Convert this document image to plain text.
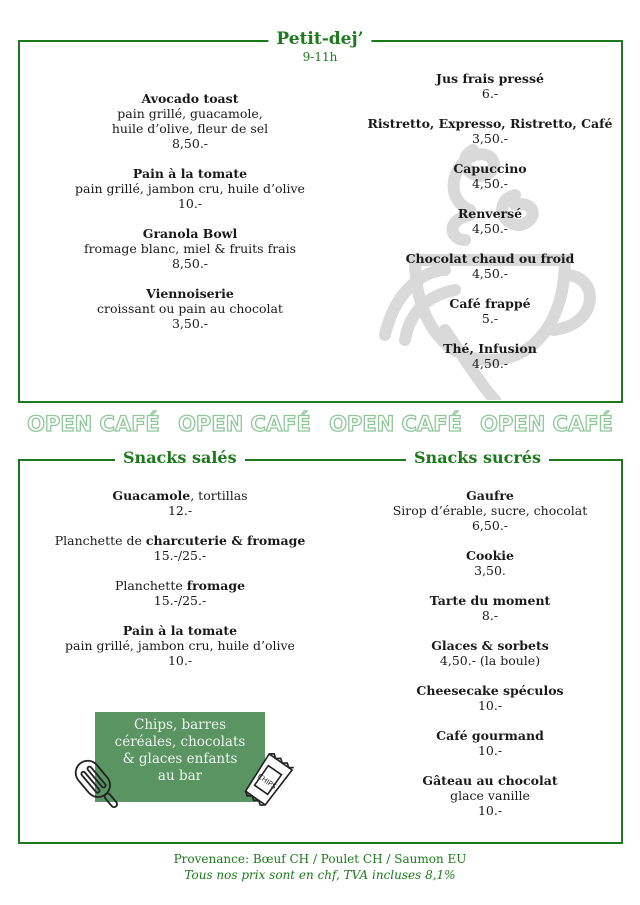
Petit-dej’
9-11h
Avocado toast
pain grillé, guacamole,
huile d’olive, fleur de sel
8,50.-
Pain à la tomate
pain grillé, jambon cru, huile d’olive
10.-
Granola Bowl
fromage blanc, miel & fruits frais
8,50.-
Viennoiserie
croissant ou pain au chocolat
3,50.-
Jus frais pressé
6.-
Ristretto, Expresso, Ristretto, Café
3,50.-
Capuccino
4,50.-
Renversé
4,50.-
Chocolat chaud ou froid
4,50.-
Café frappé
5.-
Thé, Infusion
4,50.-
OPEN CAFÉ OPEN CAFÉ OPEN CAFÉ OPEN CAFÉ
Snacks salés	Snacks sucrés
Guacamole, tortillas
12.-
Planchette de charcuterie & fromage
15.-/25.-
Planchette fromage
15.-/25.-
Pain à la tomate
pain grillé, jambon cru, huile d’olive
10.-
Chips, barres
céréales, chocolats
& glaces enfants
au bar	CHIPS
Gaufre
Sirop d’érable, sucre, chocolat
6,50.-
Cookie
3,50.
Tarte du moment
8.-
Glaces & sorbets
4,50.- (la boule)
Cheesecake spéculos
10.-
Café gourmand
10.-
Gâteau au chocolat
glace vanille
10.-
Provenance: Bœuf CH / Poulet CH / Saumon EU
Tous nos prix sont en chf, TVA incluses 8,1%
